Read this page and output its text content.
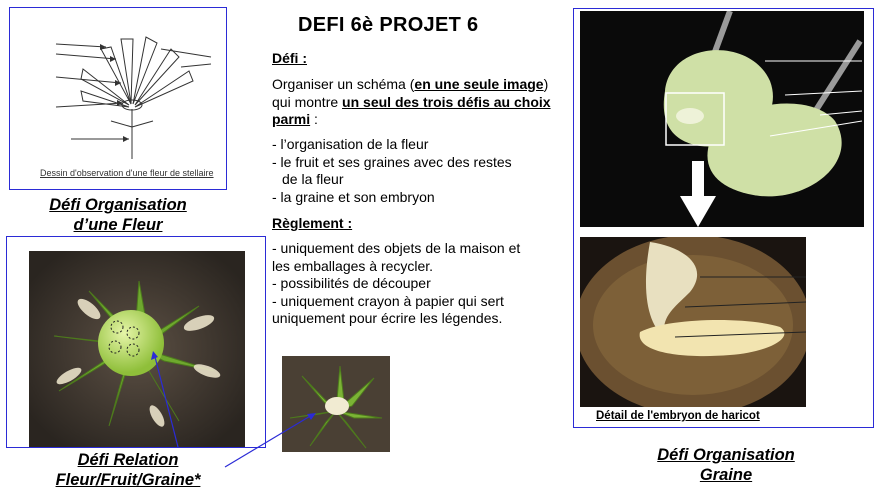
DEFI 6è PROJET 6
Dessin d'observation d'une fleur de stellaire
Défi Organisation
d’une Fleur
Défi Relation
Fleur/Fruit/Graine*
Défi :
Organiser un schéma (en une seule image) qui montre un seul des trois défis au choix parmi :
- l’organisation de la fleur
- le fruit et ses graines avec des restes
de la fleur
- la graine et son embryon
Règlement :
- uniquement des objets de la maison et
les emballages à recycler.
- possibilités de découper
- uniquement crayon à papier qui sert
uniquement pour écrire les légendes.
Détail de l'embryon de haricot
Défi Organisation
Graine
